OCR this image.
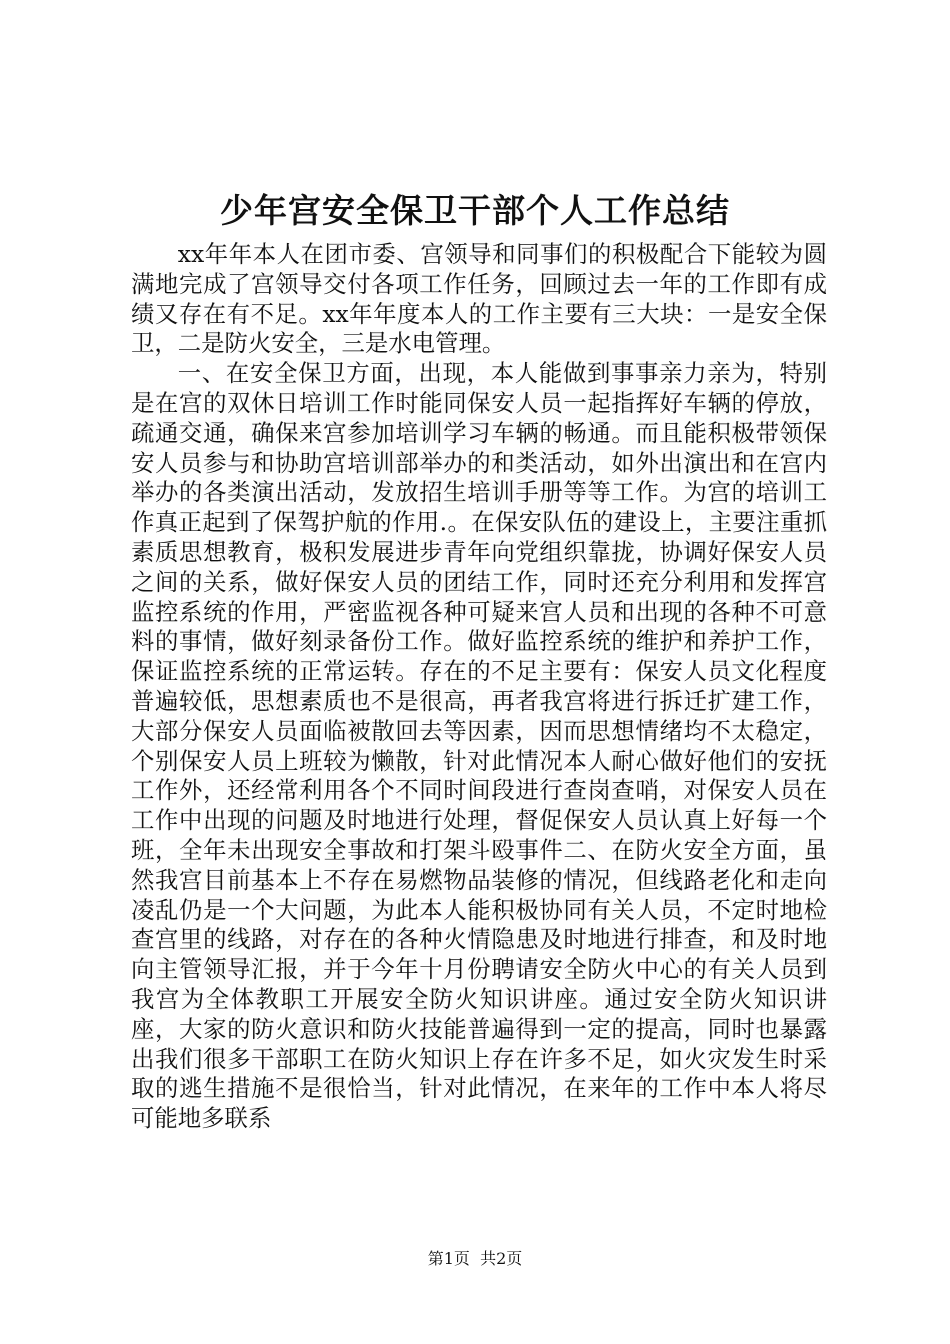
少年宫安全保卫干部个人工作总结

xx年年本人在团市委、宫领导和同事们的积极配合下能较为圆满地完成了宫领导交付各项工作任务，回顾过去一年的工作即有成绩又存在有不足。xx年年度本人的工作主要有三大块：一是安全保卫，二是防火安全，三是水电管理。

一、在安全保卫方面，出现，本人能做到事事亲力亲为，特别是在宫的双休日培训工作时能同保安人员一起指挥好车辆的停放，疏通交通，确保来宫参加培训学习车辆的畅通。而且能积极带领保安人员参与和协助宫培训部举办的和类活动，如外出演出和在宫内举办的各类演出活动，发放招生培训手册等等工作。为宫的培训工作真正起到了保驾护航的作用.。在保安队伍的建设上，主要注重抓素质思想教育，极积发展进步青年向党组织靠拢，协调好保安人员之间的关系，做好保安人员的团结工作，同时还充分利用和发挥宫监控系统的作用，严密监视各种可疑来宫人员和出现的各种不可意料的事情，做好刻录备份工作。做好监控系统的维护和养护工作，保证监控系统的正常运转。存在的不足主要有：保安人员文化程度普遍较低，思想素质也不是很高，再者我宫将进行拆迁扩建工作，大部分保安人员面临被散回去等因素，因而思想情绪均不太稳定，个别保安人员上班较为懒散，针对此情况本人耐心做好他们的安抚工作外，还经常利用各个不同时间段进行查岗查哨，对保安人员在工作中出现的问题及时地进行处理，督促保安人员认真上好每一个班，全年未出现安全事故和打架斗殴事件二、在防火安全方面，虽然我宫目前基本上不存在易燃物品装修的情况，但线路老化和走向凌乱仍是一个大问题，为此本人能积极协同有关人员，不定时地检查宫里的线路，对存在的各种火情隐患及时地进行排查，和及时地向主管领导汇报，并于今年十月份聘请安全防火中心的有关人员到我宫为全体教职工开展安全防火知识讲座。通过安全防火知识讲座，大家的防火意识和防火技能普遍得到一定的提高，同时也暴露出我们很多干部职工在防火知识上存在许多不足，如火灾发生时采取的逃生措施不是很恰当，针对此情况，在来年的工作中本人将尽可能地多联系

第1页 共2页
